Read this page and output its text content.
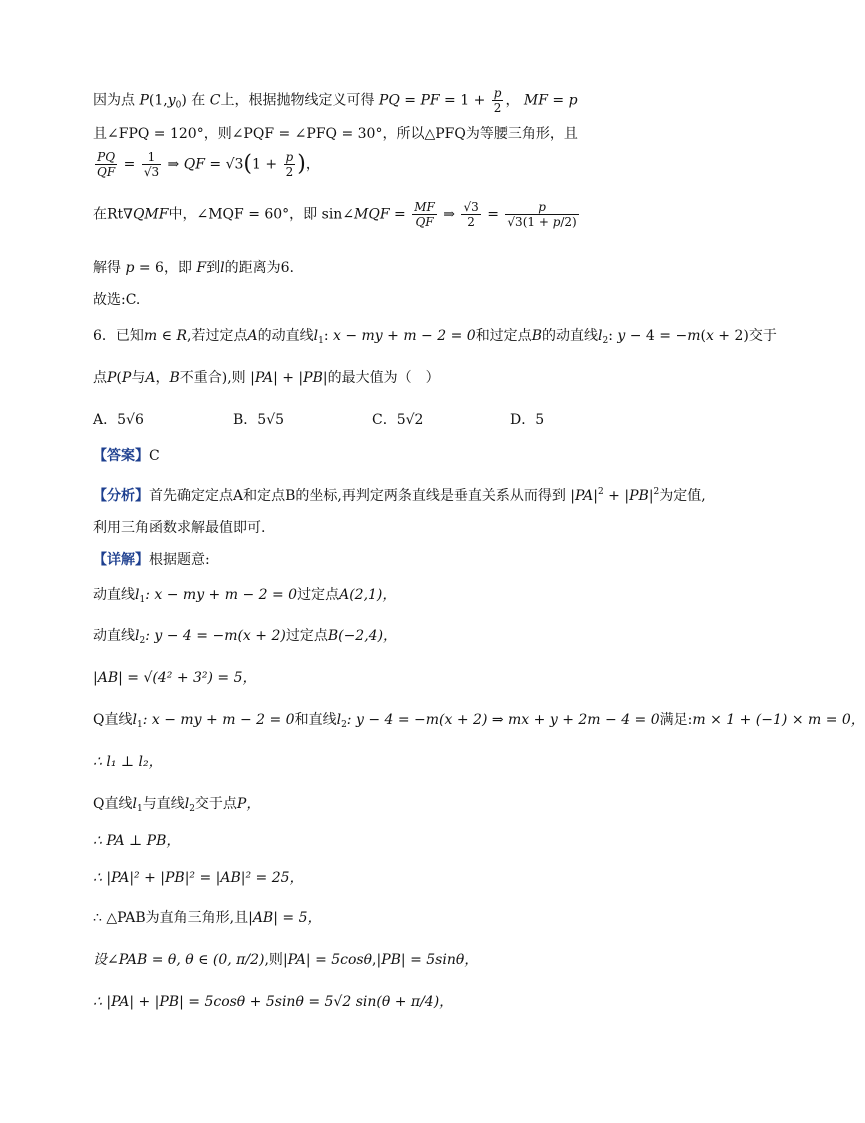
因为点 $P(1,y_0)$ 在 C上，根据抛物线定义可得 PQ = PF = $1 + \frac{p}{2}$ ， MF = p
且∠FPQ = 120°，则∠PQF = ∠PFQ = 30°，所以△PFQ为等腰三角形，且
$\frac{PQ}{QF} = \frac{1}{√3}$ ⇒ QF = $√3(1 + \frac{p}{2}$ )，
在Rt∇QMF中，∠MQF = 60°，即 sin∠MQF = $\frac{MF}{QF}$ ⇒ $\frac{√3}{2} = \frac{p}{√3(1 + p/2)}$
解得 p = 6，即 F到l的距离为6.
故选:C.
6．已知m ∈ R,若过定点A的动直线$l_1$: x − my + m − 2 = 0和过定点B的动直线$l_2$: y − 4 = −m(x + 2)交于
点P(P与A，B不重合),则 |PA| + |PB|的最大值为（　）
A．5√6	B．5√5	C．5√2	D．5
【答案】C
【分析】首先确定定点A和定点B的坐标,再判定两条直线是垂直关系从而得到 $|PA|^2 + |PB|^2$为定值,
利用三角函数求解最值即可.
【详解】根据题意:
动直线$l_1$: x − my + m − 2 = 0过定点A(2,1)，
动直线$l_2$: y − 4 = −m(x + 2)过定点B(−2,4)，
|AB| = √(4² + 3²) = 5，
Q直线$l_1$: x − my + m − 2 = 0和直线$l_2$: y − 4 = −m(x + 2) ⇒ mx + y + 2m − 4 = 0满足:m × 1 + (−1) × m = 0，
∴ l₁ ⊥ l₂，
Q直线$l_1$与直线$l_2$交于点P，
∴ PA ⊥ PB，
∴ |PA|² + |PB|² = |AB|² = 25，
∴ △PAB为直角三角形,且|AB| = 5，
设∠PAB = θ, θ ∈ (0, π/2),则|PA| = 5cosθ,|PB| = 5sinθ，
∴ |PA| + |PB| = 5cosθ + 5sinθ = 5√2 sin(θ + π/4)，
